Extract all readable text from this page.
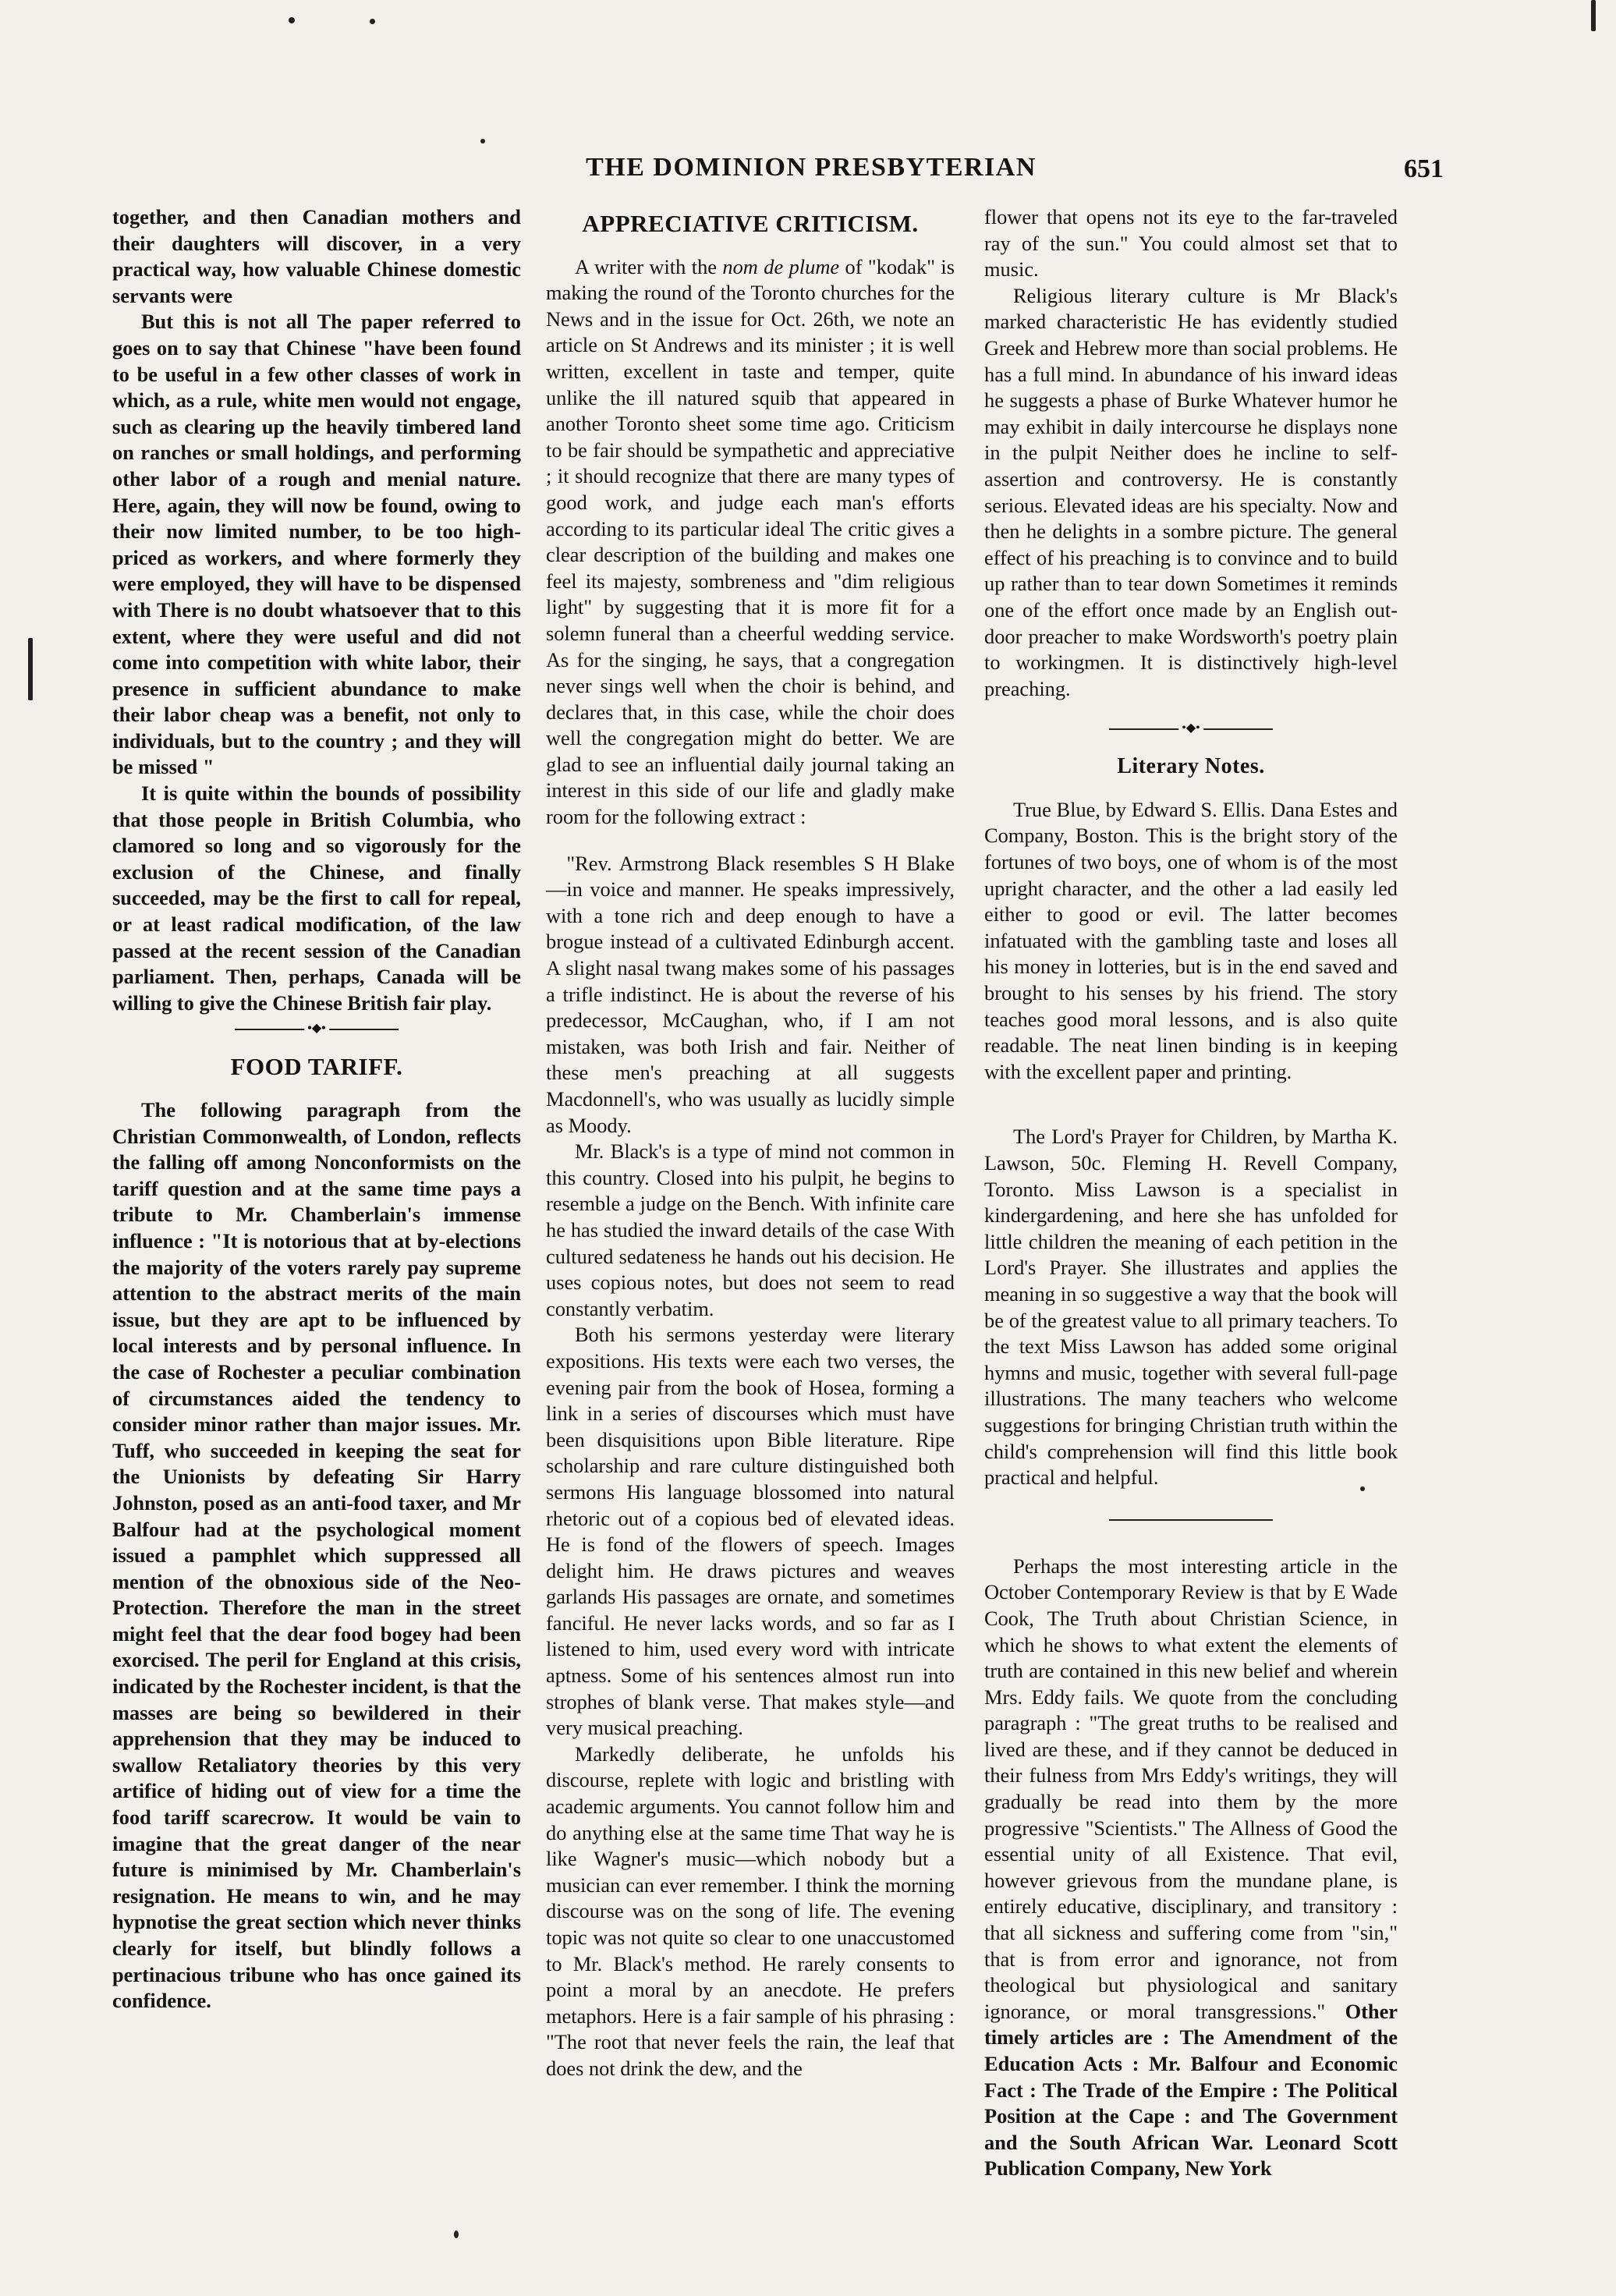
THE DOMINION PRESBYTERIAN	651

together, and then Canadian mothers and their daughters will discover, in a very practical way, how valuable Chinese domestic servants were

But this is not all The paper referred to goes on to say that Chinese "have been found to be useful in a few other classes of work in which, as a rule, white men would not engage, such as clearing up the heavily timbered land on ranches or small holdings, and performing other labor of a rough and menial nature. Here, again, they will now be found, owing to their now limited number, to be too high-priced as workers, and where formerly they were employed, they will have to be dispensed with There is no doubt whatsoever that to this extent, where they were useful and did not come into competition with white labor, their presence in sufficient abundance to make their labor cheap was a benefit, not only to individuals, but to the country ; and they will be missed "

It is quite within the bounds of possibility that those people in British Columbia, who clamored so long and so vigorously for the exclusion of the Chinese, and finally succeeded, may be the first to call for repeal, or at least radical modification, of the law passed at the recent session of the Canadian parliament. Then, perhaps, Canada will be willing to give the Chinese British fair play.

•◆•
FOOD TARIFF.

The following paragraph from the Christian Commonwealth, of London, reflects the falling off among Nonconformists on the tariff question and at the same time pays a tribute to Mr. Chamberlain's immense influence : "It is notorious that at by-elections the majority of the voters rarely pay supreme attention to the abstract merits of the main issue, but they are apt to be influenced by local interests and by personal influence. In the case of Rochester a peculiar combination of circumstances aided the tendency to consider minor rather than major issues. Mr. Tuff, who succeeded in keeping the seat for the Unionists by defeating Sir Harry Johnston, posed as an anti-food taxer, and Mr Balfour had at the psychological moment issued a pamphlet which suppressed all mention of the obnoxious side of the Neo-Protection. Therefore the man in the street might feel that the dear food bogey had been exorcised. The peril for England at this crisis, indicated by the Rochester incident, is that the masses are being so bewildered in their apprehension that they may be induced to swallow Retaliatory theories by this very artifice of hiding out of view for a time the food tariff scarecrow. It would be vain to imagine that the great danger of the near future is minimised by Mr. Chamberlain's resignation. He means to win, and he may hypnotise the great section which never thinks clearly for itself, but blindly follows a pertinacious tribune who has once gained its confidence.

APPRECIATIVE CRITICISM.

A writer with the nom de plume of "kodak" is making the round of the Toronto churches for the News and in the issue for Oct. 26th, we note an article on St Andrews and its minister ; it is well written, excellent in taste and temper, quite unlike the ill natured squib that appeared in another Toronto sheet some time ago. Criticism to be fair should be sympathetic and appreciative ; it should recognize that there are many types of good work, and judge each man's efforts according to its particular ideal The critic gives a clear description of the building and makes one feel its majesty, sombreness and "dim religious light" by suggesting that it is more fit for a solemn funeral than a cheerful wedding service. As for the singing, he says, that a congregation never sings well when the choir is behind, and declares that, in this case, while the choir does well the congregation might do better. We are glad to see an influential daily journal taking an interest in this side of our life and gladly make room for the following extract :

"Rev. Armstrong Black resembles S H Blake—in voice and manner. He speaks impressively, with a tone rich and deep enough to have a brogue instead of a cultivated Edinburgh accent. A slight nasal twang makes some of his passages a trifle indistinct. He is about the reverse of his predecessor, McCaughan, who, if I am not mistaken, was both Irish and fair. Neither of these men's preaching at all suggests Macdonnell's, who was usually as lucidly simple as Moody.

Mr. Black's is a type of mind not common in this country. Closed into his pulpit, he begins to resemble a judge on the Bench. With infinite care he has studied the inward details of the case With cultured sedateness he hands out his decision. He uses copious notes, but does not seem to read constantly verbatim.

Both his sermons yesterday were literary expositions. His texts were each two verses, the evening pair from the book of Hosea, forming a link in a series of discourses which must have been disquisitions upon Bible literature. Ripe scholarship and rare culture distinguished both sermons His language blossomed into natural rhetoric out of a copious bed of elevated ideas. He is fond of the flowers of speech. Images delight him. He draws pictures and weaves garlands His passages are ornate, and sometimes fanciful. He never lacks words, and so far as I listened to him, used every word with intricate aptness. Some of his sentences almost run into strophes of blank verse. That makes style—and very musical preaching.

Markedly deliberate, he unfolds his discourse, replete with logic and bristling with academic arguments. You cannot follow him and do anything else at the same time That way he is like Wagner's music—which nobody but a musician can ever remember. I think the morning discourse was on the song of life. The evening topic was not quite so clear to one unaccustomed to Mr. Black's method. He rarely consents to point a moral by an anecdote. He prefers metaphors. Here is a fair sample of his phrasing : "The root that never feels the rain, the leaf that does not drink the dew, and the

flower that opens not its eye to the far-traveled ray of the sun." You could almost set that to music.

Religious literary culture is Mr Black's marked characteristic He has evidently studied Greek and Hebrew more than social problems. He has a full mind. In abundance of his inward ideas he suggests a phase of Burke Whatever humor he may exhibit in daily intercourse he displays none in the pulpit Neither does he incline to self-assertion and controversy. He is constantly serious. Elevated ideas are his specialty. Now and then he delights in a sombre picture. The general effect of his preaching is to convince and to build up rather than to tear down Sometimes it reminds one of the effort once made by an English out-door preacher to make Wordsworth's poetry plain to workingmen. It is distinctively high-level preaching.

•◆•
Literary Notes.

True Blue, by Edward S. Ellis. Dana Estes and Company, Boston. This is the bright story of the fortunes of two boys, one of whom is of the most upright character, and the other a lad easily led either to good or evil. The latter becomes infatuated with the gambling taste and loses all his money in lotteries, but is in the end saved and brought to his senses by his friend. The story teaches good moral lessons, and is also quite readable. The neat linen binding is in keeping with the excellent paper and printing.

The Lord's Prayer for Children, by Martha K. Lawson, 50c. Fleming H. Revell Company, Toronto. Miss Lawson is a specialist in kindergardening, and here she has unfolded for little children the meaning of each petition in the Lord's Prayer. She illustrates and applies the meaning in so suggestive a way that the book will be of the greatest value to all primary teachers. To the text Miss Lawson has added some original hymns and music, together with several full-page illustrations. The many teachers who welcome suggestions for bringing Christian truth within the child's comprehension will find this little book practical and helpful.

Perhaps the most interesting article in the October Contemporary Review is that by E Wade Cook, The Truth about Christian Science, in which he shows to what extent the elements of truth are contained in this new belief and wherein Mrs. Eddy fails. We quote from the concluding paragraph : "The great truths to be realised and lived are these, and if they cannot be deduced in their fulness from Mrs Eddy's writings, they will gradually be read into them by the more progressive "Scientists." The Allness of Good the essential unity of all Existence. That evil, however grievous from the mundane plane, is entirely educative, disciplinary, and transitory : that all sickness and suffering come from "sin," that is from error and ignorance, not from theological but physiological and sanitary ignorance, or moral transgressions." Other timely articles are : The Amendment of the Education Acts : Mr. Balfour and Economic Fact : The Trade of the Empire : The Political Position at the Cape : and The Government and the South African War. Leonard Scott Publication Company, New York
